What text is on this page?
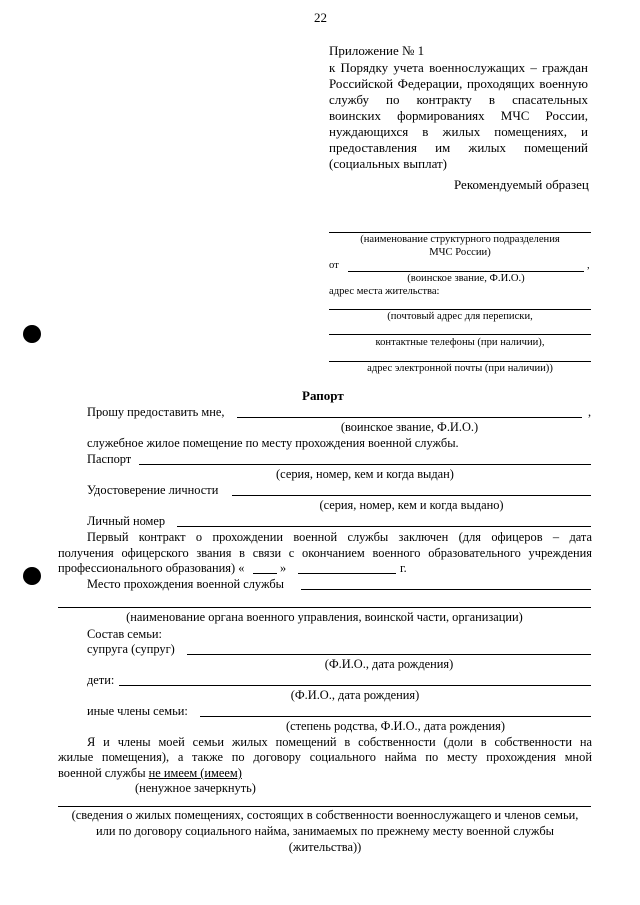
22
Приложение № 1
к Порядку учета военнослужащих – граждан
Российской Федерации, проходящих военную
службу по контракту в спасательных
воинских формированиях МЧС России,
нуждающихся в жилых помещениях, и
предоставления им жилых помещений
(социальных выплат)
Рекомендуемый образец
(наименование структурного подразделения
МЧС России)
от	,
(воинское звание, Ф.И.О.)
адрес места жительства:
(почтовый адрес для переписки,
контактные телефоны (при наличии),
адрес электронной почты (при наличии))
Рапорт
Прошу предоставить мне,	,
(воинское звание, Ф.И.О.)
служебное жилое помещение по месту прохождения военной службы.
Паспорт
(серия, номер, кем и когда выдан)
Удостоверение личности
(серия, номер, кем и когда выдано)
Личный номер
Первый контракт о прохождении военной службы заключен (для офицеров – дата
получения офицерского звания в связи с окончанием военного образовательного учреждения
профессионального образования) «	»	г.
Место прохождения военной службы
(наименование органа военного управления, воинской части, организации)
Состав семьи:
супруга (супруг)
(Ф.И.О., дата рождения)
дети:
(Ф.И.О., дата рождения)
иные члены семьи:
(степень родства, Ф.И.О., дата рождения)
Я и члены моей семьи жилых помещений в собственности (доли в собственности на
жилые помещения), а также по договору социального найма по месту прохождения мной
военной службы не имеем (имеем)
(ненужное зачеркнуть)
(сведения о жилых помещениях, состоящих в собственности военнослужащего и членов семьи,
или по договору социального найма, занимаемых по прежнему месту военной службы
(жительства))
